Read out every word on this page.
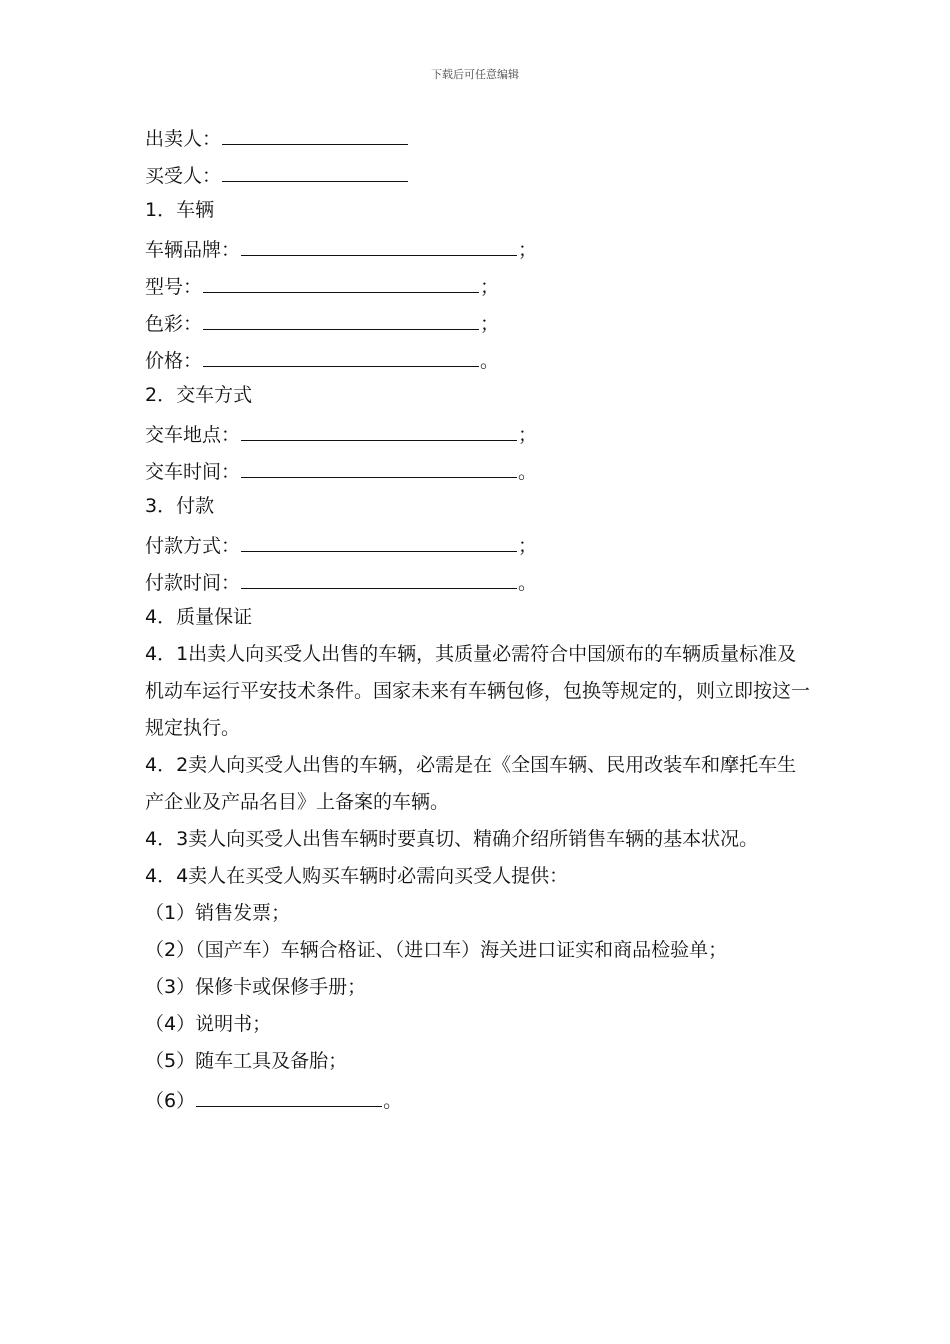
下载后可任意编辑
出卖人：
买受人：
1．车辆
车辆品牌：	；
型号：	；
色彩：	；
价格：	。
2．交车方式
交车地点：	；
交车时间：	。
3．付款
付款方式：	；
付款时间：	。
4．质量保证
4．1出卖人向买受人出售的车辆，其质量必需符合中国颁布的车辆质量标准及机动车运行平安技术条件。国家未来有车辆包修，包换等规定的，则立即按这一规定执行。
4．2卖人向买受人出售的车辆，必需是在《全国车辆、民用改装车和摩托车生产企业及产品名目》上备案的车辆。
4．3卖人向买受人出售车辆时要真切、精确介绍所销售车辆的基本状况。
4．4卖人在买受人购买车辆时必需向买受人提供：
（1）销售发票；
（2）（国产车）车辆合格证、（进口车）海关进口证实和商品检验单；
（3）保修卡或保修手册；
（4）说明书；
（5）随车工具及备胎；
（6）	。
